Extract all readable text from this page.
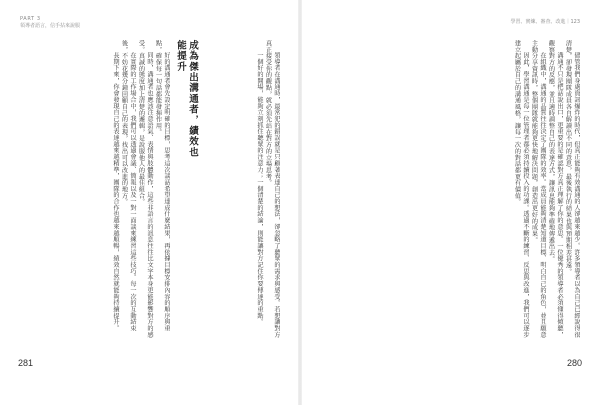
PART 3
領導者語言，信手拈來說服
281
學習、實練、審查、改進｜123
280

儘管我們身處資訊爆炸的時代，但真正能夠有效溝通的人卻越來越少。許多領導者以為自己已經說得很清楚，卻發現團隊成員各自解讀出不同的意思，最後執行的結果也與預期相差甚遠。

溝通不只是把話說出口，更重要的是確認對方真正理解了你的意思。一位優秀的領導者必須懂得傾聽，觀察對方的反應，並且適時調整自己的表達方式，讓訊息能夠準確地傳遞出去。

在組織中，溝通的品質往往決定了團隊的效率。當成員能夠清楚知道目標、明白自己的角色，並且願意主動分享資訊時，整個團隊就能夠更快地解決問題，創造出更好的成果。

因此，學習溝通是每一位管理者都必須持續投入的功課。透過不斷的練習、反思與改進，我們可以逐步建立起屬於自己的溝通風格，讓每一次的對話都更有價值。

領導者在溝通時，最常犯的錯誤就是只顧著表達自己的想法，卻忽略了聽眾的需求與感受。若想讓對方真正接受你的觀點，就必須先站在對方的立場思考。

一個好的開場，能夠立刻抓住聽眾的注意力；一個清楚的結論，則能讓對方記住你要傳達的重點。

成為傑出溝通者，績效也能提升

好的溝通者會先設定明確的目標，思考這次談話希望達成什麼結果，再依據目標安排內容的順序與重點，確保每一句話都能發揮作用。

同時，溝通者也應該注意語氣、表情與肢體動作，這些非語言的訊息往往比文字本身更能影響對方的感受。真誠的態度加上清楚的邏輯，是說服他人的最佳組合。

在實際的工作場合中，我們可以透過會議、簡報以及一對一面談來練習這些技巧。每一次的互動結束後，不妨花幾分鐘回顧自己的表現，找出可以改進的地方。

長期下來，你會發現自己的表達越來越精準，團隊的合作也越來越順暢，績效自然就能夠持續提升。
